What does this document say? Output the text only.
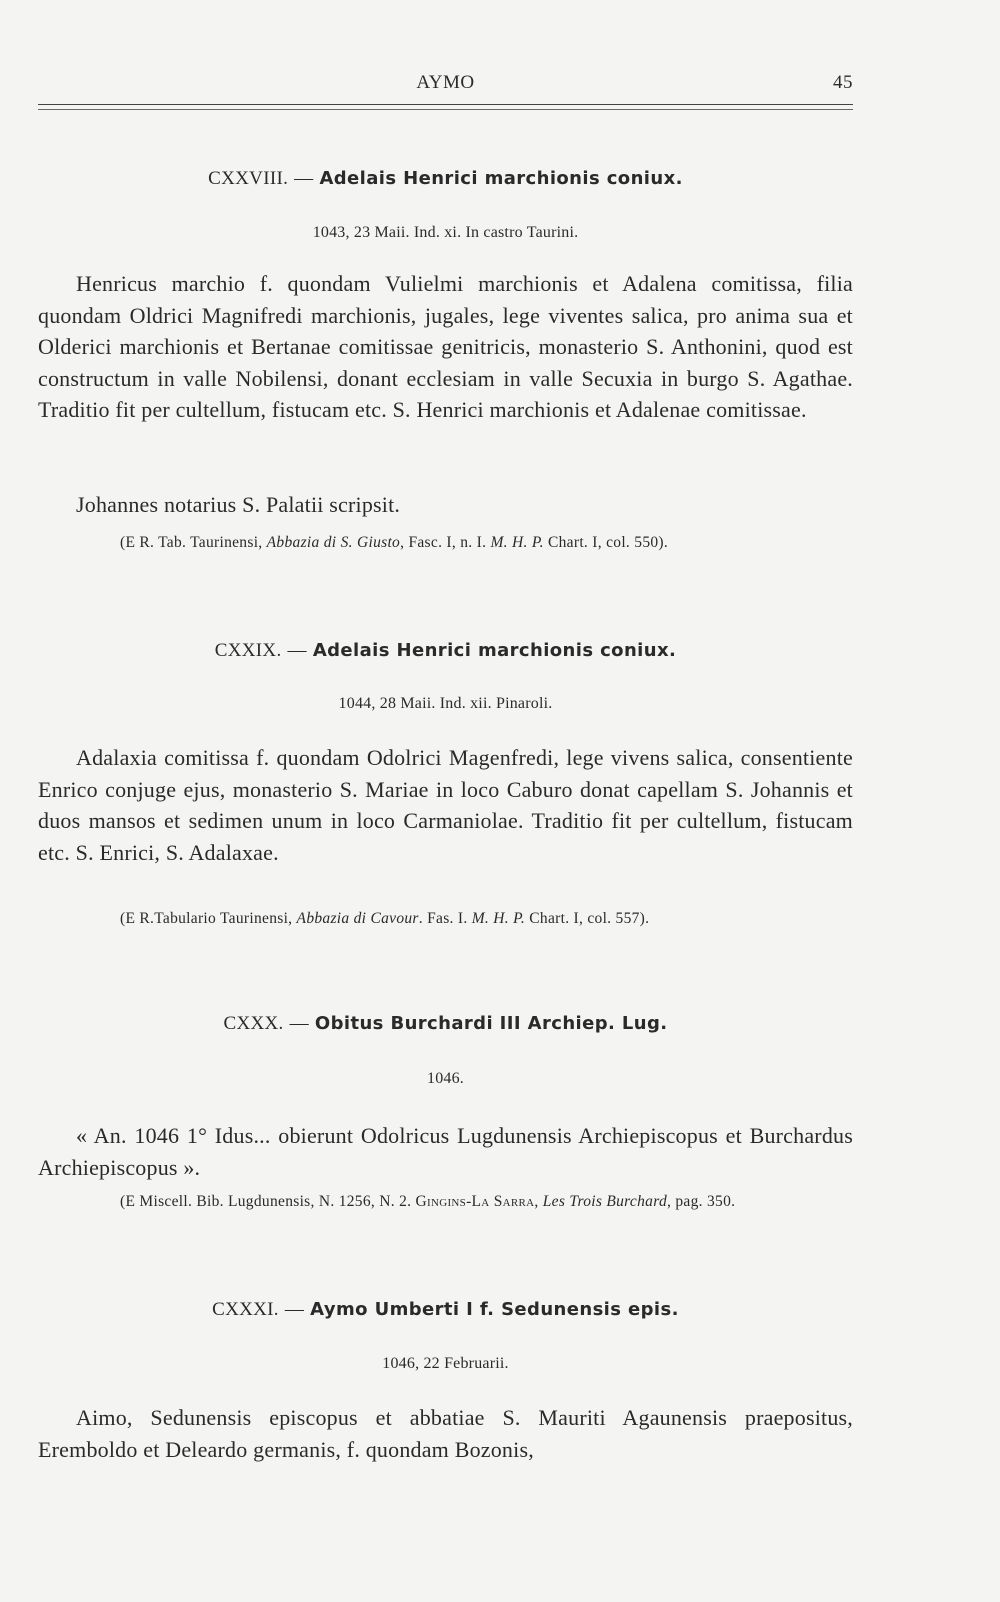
AYMO	45
CXXVIII. — Adelais Henrici marchionis coniux.
1043, 23 Maii. Ind. xi. In castro Taurini.
Henricus marchio f. quondam Vulielmi marchionis et Adalena comitissa, filia quondam Oldrici Magnifredi marchionis, jugales, lege viventes salica, pro anima sua et Olderici marchionis et Bertanae comitissae genitricis, monasterio S. Anthonini, quod est constructum in valle Nobilensi, donant ecclesiam in valle Secuxia in burgo S. Agathae. Traditio fit per cultellum, fistucam etc. S. Henrici marchionis et Adalenae comitissae.
Johannes notarius S. Palatii scripsit.
(E R. Tab. Taurinensi, Abbazia di S. Giusto, Fasc. I, n. I. M. H. P. Chart. I, col. 550).
CXXIX. — Adelais Henrici marchionis coniux.
1044, 28 Maii. Ind. xii. Pinaroli.
Adalaxia comitissa f. quondam Odolrici Magenfredi, lege vivens salica, consentiente Enrico conjuge ejus, monasterio S. Mariae in loco Caburo donat capellam S. Johannis et duos mansos et sedimen unum in loco Carmaniolae. Traditio fit per cultellum, fistucam etc. S. Enrici, S. Adalaxae.
(E R.Tabulario Taurinensi, Abbazia di Cavour. Fas. I. M. H. P. Chart. I, col. 557).
CXXX. — Obitus Burchardi III Archiep. Lug.
1046.
« An. 1046 1° Idus... obierunt Odolricus Lugdunensis Archiepiscopus et Burchardus Archiepiscopus ».
(E Miscell. Bib. Lugdunensis, N. 1256, N. 2. Gingins-La Sarra, Les Trois Burchard, pag. 350.
CXXXI. — Aymo Umberti I f. Sedunensis epis.
1046, 22 Februarii.
Aimo, Sedunensis episcopus et abbatiae S. Mauriti Agaunensis praepositus, Eremboldo et Deleardo germanis, f. quondam Bozonis,
